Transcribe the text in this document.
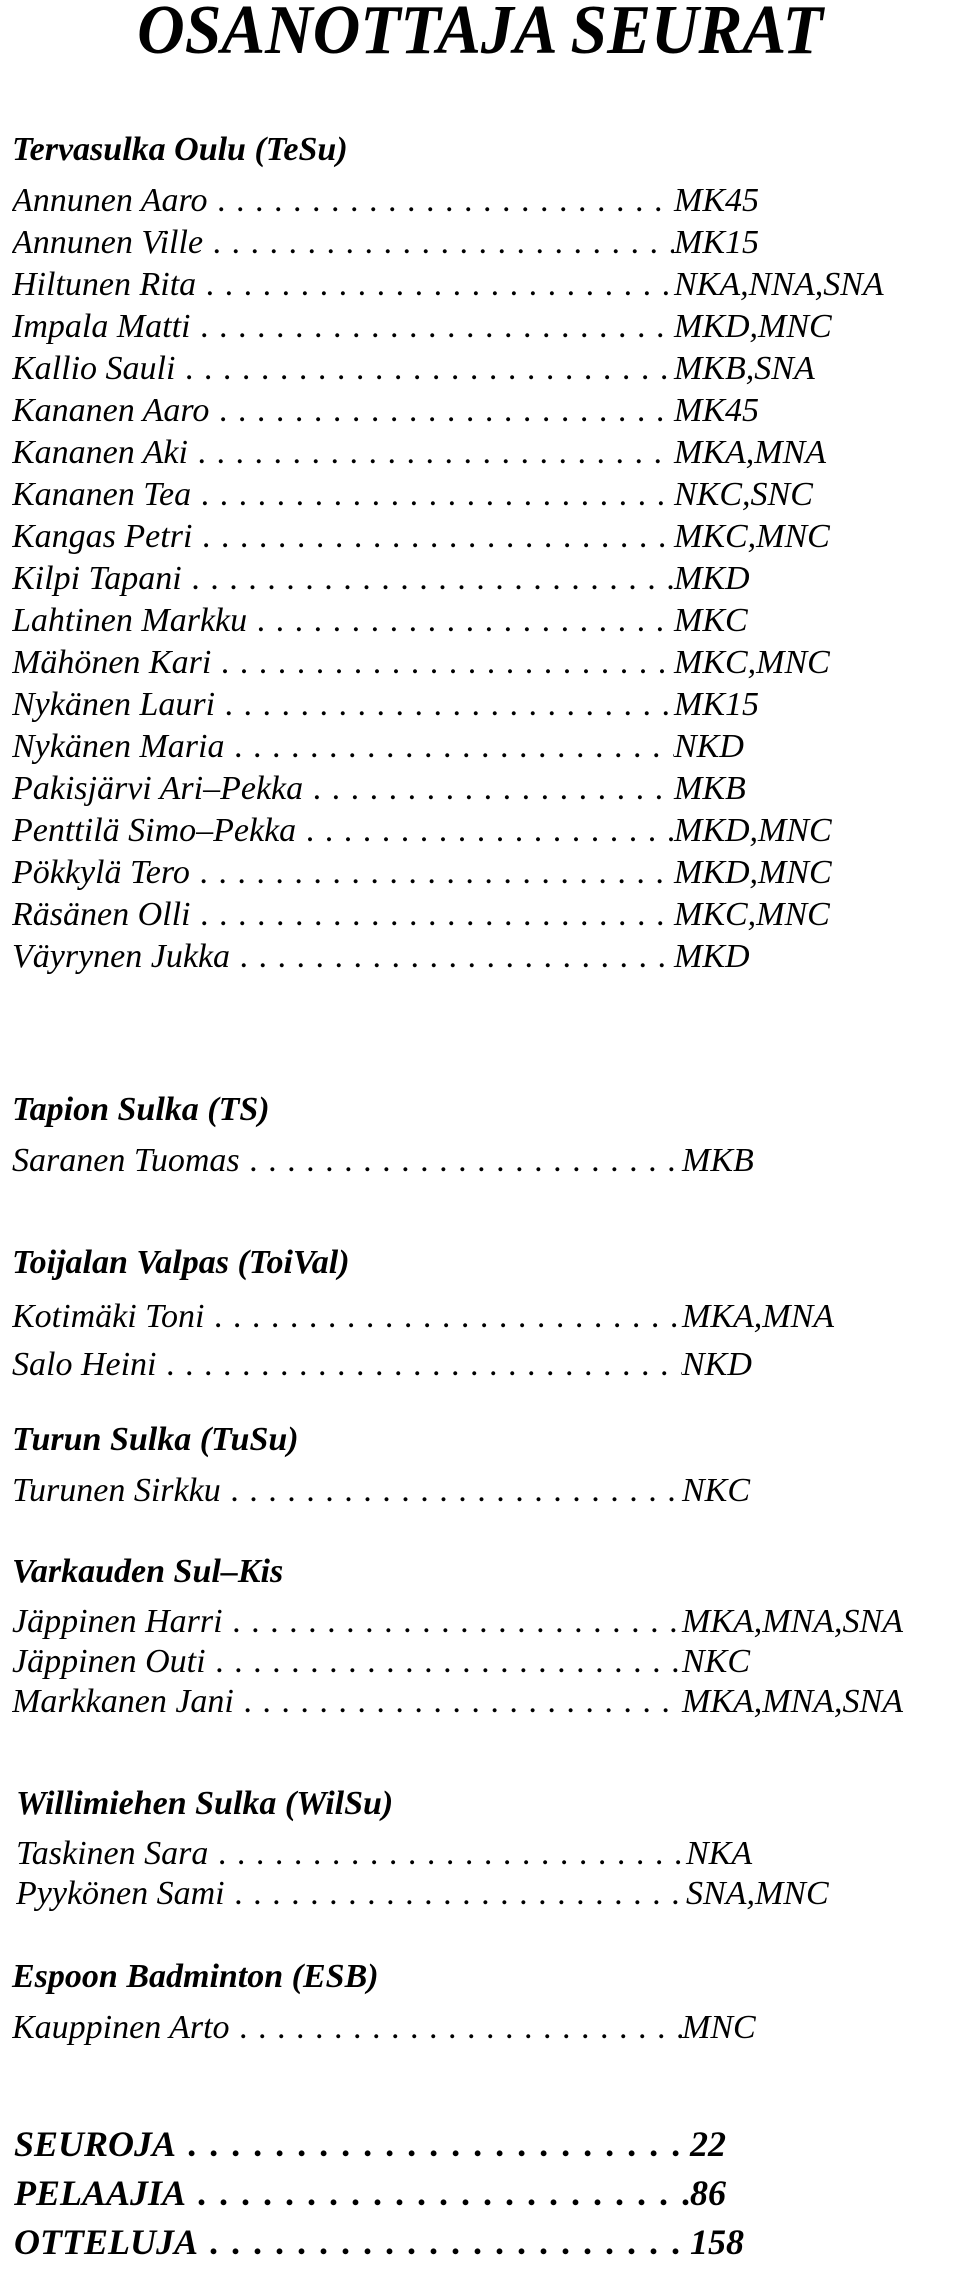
OSANOTTAJA SEURAT
Tervasulka Oulu (TeSu)
Annunen Aaro . . .	MK45
Annunen Ville . . .	MK15
Hiltunen Rita . . .	NKA,NNA,SNA
Impala Matti . . .	MKD,MNC
Kallio Sauli . . .	MKB,SNA
Kananen Aaro . . .	MK45
Kananen Aki . . .	MKA,MNA
Kananen Tea . . .	NKC,SNC
Kangas Petri . . .	MKC,MNC
Kilpi Tapani . . .	MKD
Lahtinen Markku . . .	MKC
Mähönen Kari . . .	MKC,MNC
Nykänen Lauri . . .	MK15
Nykänen Maria . . .	NKD
Pakisjärvi Ari–Pekka . . .	MKB
Penttilä Simo–Pekka . . .	MKD,MNC
Pökkylä Tero . . .	MKD,MNC
Räsänen Olli . . .	MKC,MNC
Väyrynen Jukka . . .	MKD
Tapion Sulka (TS)
Saranen Tuomas . . .	MKB
Toijalan Valpas (ToiVal)
Kotimäki Toni . . .	MKA,MNA
Salo Heini . . .	NKD
Turun Sulka (TuSu)
Turunen Sirkku . . .	NKC
Varkauden Sul–Kis
Jäppinen Harri . . .	MKA,MNA,SNA
Jäppinen Outi . . .	NKC
Markkanen Jani . . .	MKA,MNA,SNA
Willimiehen Sulka (WilSu)
Taskinen Sara . . .	NKA
Pyykönen Sami . . .	SNA,MNC
Espoon Badminton (ESB)
Kauppinen Arto . . .	MNC
SEUROJA . . .	22
PELAAJIA . . .	86
OTTELUJA . . .	158
